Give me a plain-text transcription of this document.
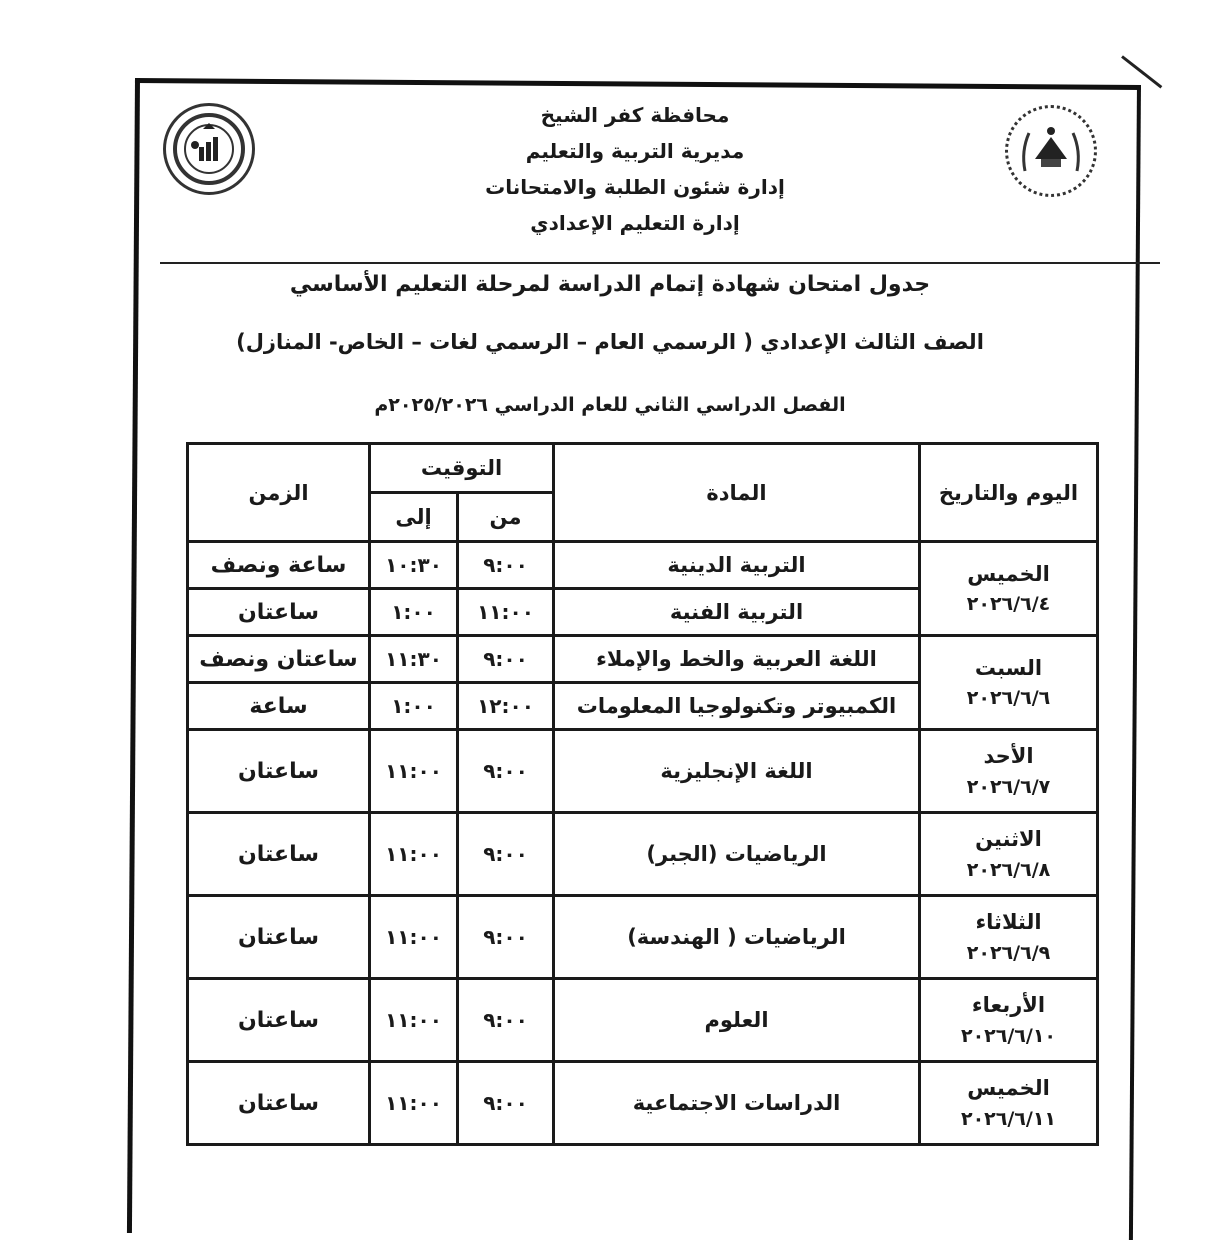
محافظة كفر الشيخ
مديرية التربية والتعليم
إدارة شئون الطلبة والامتحانات
إدارة التعليم الإعدادي
جدول امتحان شهادة إتمام الدراسة لمرحلة التعليم الأساسي
الصف الثالث الإعدادي ( الرسمي العام – الرسمي لغات – الخاص- المنازل)
الفصل الدراسي الثاني للعام الدراسي ٢٠٢٥/٢٠٢٦م
اليوم والتاريخ	المادة	التوقيت		الزمن
		من	إلى	

الخميس
٢٠٢٦/٦/٤	التربية الدينية	٩:٠٠	١٠:٣٠	ساعة ونصف
	التربية الفنية	١١:٠٠	١:٠٠	ساعتان

السبت
٢٠٢٦/٦/٦	اللغة العربية والخط والإملاء	٩:٠٠	١١:٣٠	ساعتان ونصف
	الكمبيوتر وتكنولوجيا المعلومات	١٢:٠٠	١:٠٠	ساعة

الأحد
٢٠٢٦/٦/٧	اللغة الإنجليزية	٩:٠٠	١١:٠٠	ساعتان

الاثنين
٢٠٢٦/٦/٨	الرياضيات (الجبر)	٩:٠٠	١١:٠٠	ساعتان

الثلاثاء
٢٠٢٦/٦/٩	الرياضيات ( الهندسة)	٩:٠٠	١١:٠٠	ساعتان

الأربعاء
٢٠٢٦/٦/١٠	العلوم	٩:٠٠	١١:٠٠	ساعتان

الخميس
٢٠٢٦/٦/١١	الدراسات الاجتماعية	٩:٠٠	١١:٠٠	ساعتان
